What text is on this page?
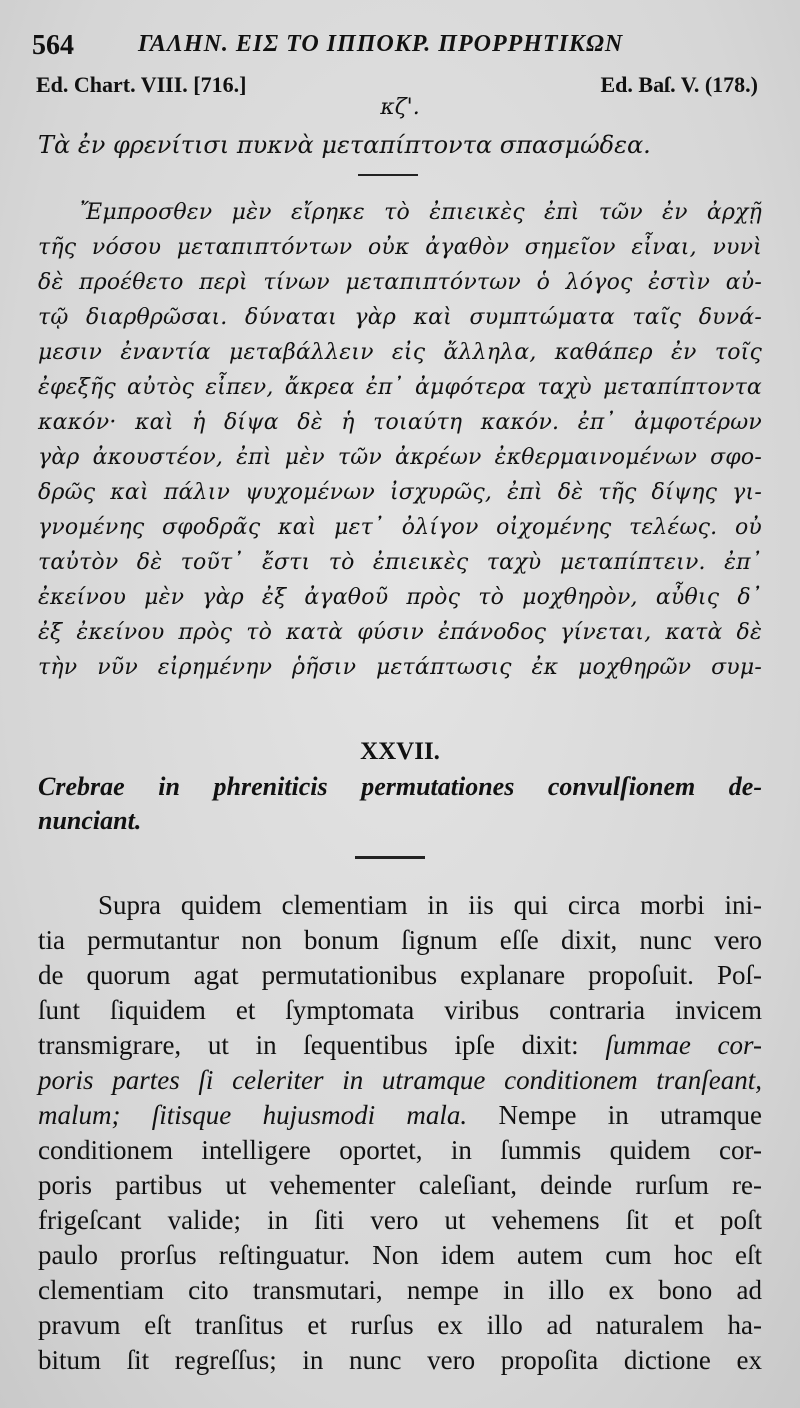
564	ΓΑΛΗΝ. ΕΙΣ ΤΟ ΙΠΠΟΚΡ. ΠΡΟΡΡΗΤΙΚΩΝ
Ed. Chart. VIII. [716.]	Ed. Baſ. V. (178.)
κζ'.
Τὰ ἐν φρενίτισι πυκνὰ μεταπίπτοντα σπασμώδεα.
Ἔμπροσθεν μὲν εἴρηκε τὸ ἐπιεικὲς ἐπὶ τῶν ἐν ἀρχῇ
τῆς νόσου μεταπιπτόντων οὐκ ἀγαθὸν σημεῖον εἶναι, νυνὶ
δὲ προέθετο περὶ τίνων μεταπιπτόντων ὁ λόγος ἐστὶν αὐ-
τῷ διαρθρῶσαι. δύναται γὰρ καὶ συμπτώματα ταῖς δυνά-
μεσιν ἐναντία μεταβάλλειν εἰς ἄλληλα, καθάπερ ἐν τοῖς
ἐφεξῆς αὐτὸς εἶπεν, ἄκρεα ἐπ᾽ ἀμφότερα ταχὺ μεταπίπτοντα
κακόν· καὶ ἡ δίψα δὲ ἡ τοιαύτη κακόν. ἐπ᾽ ἀμφοτέρων
γὰρ ἀκουστέον, ἐπὶ μὲν τῶν ἀκρέων ἐκθερμαινομένων σφο-
δρῶς καὶ πάλιν ψυχομένων ἰσχυρῶς, ἐπὶ δὲ τῆς δίψης γι-
γνομένης σφοδρᾶς καὶ μετ᾽ ὀλίγον οἰχομένης τελέως. οὐ
ταὐτὸν δὲ τοῦτ᾽ ἔστι τὸ ἐπιεικὲς ταχὺ μεταπίπτειν. ἐπ᾽
ἐκείνου μὲν γὰρ ἐξ ἀγαθοῦ πρὸς τὸ μοχθηρὸν, αὖθις δ᾽
ἐξ ἐκείνου πρὸς τὸ κατὰ φύσιν ἐπάνοδος γίνεται, κατὰ δὲ
τὴν νῦν εἰρημένην ῥῆσιν μετάπτωσις ἐκ μοχθηρῶν συμ-
XXVII.
Crebrae in phreniticis permutationes convulſionem de-
nunciant.
Supra quidem clementiam in iis qui circa morbi ini-
tia permutantur non bonum ſignum eſſe dixit, nunc vero
de quorum agat permutationibus explanare propoſuit. Poſ-
ſunt ſiquidem et ſymptomata viribus contraria invicem
transmigrare, ut in ſequentibus ipſe dixit: ſummae cor-
poris partes ſi celeriter in utramque conditionem tranſeant,
malum; ſitisque hujusmodi mala. Nempe in utramque
conditionem intelligere oportet, in ſummis quidem cor-
poris partibus ut vehementer caleſiant, deinde rurſum re-
frigeſcant valide; in ſiti vero ut vehemens ſit et poſt
paulo prorſus reſtinguatur. Non idem autem cum hoc eſt
clementiam cito transmutari, nempe in illo ex bono ad
pravum eſt tranſitus et rurſus ex illo ad naturalem ha-
bitum ſit regreſſus; in nunc vero propoſita dictione ex
